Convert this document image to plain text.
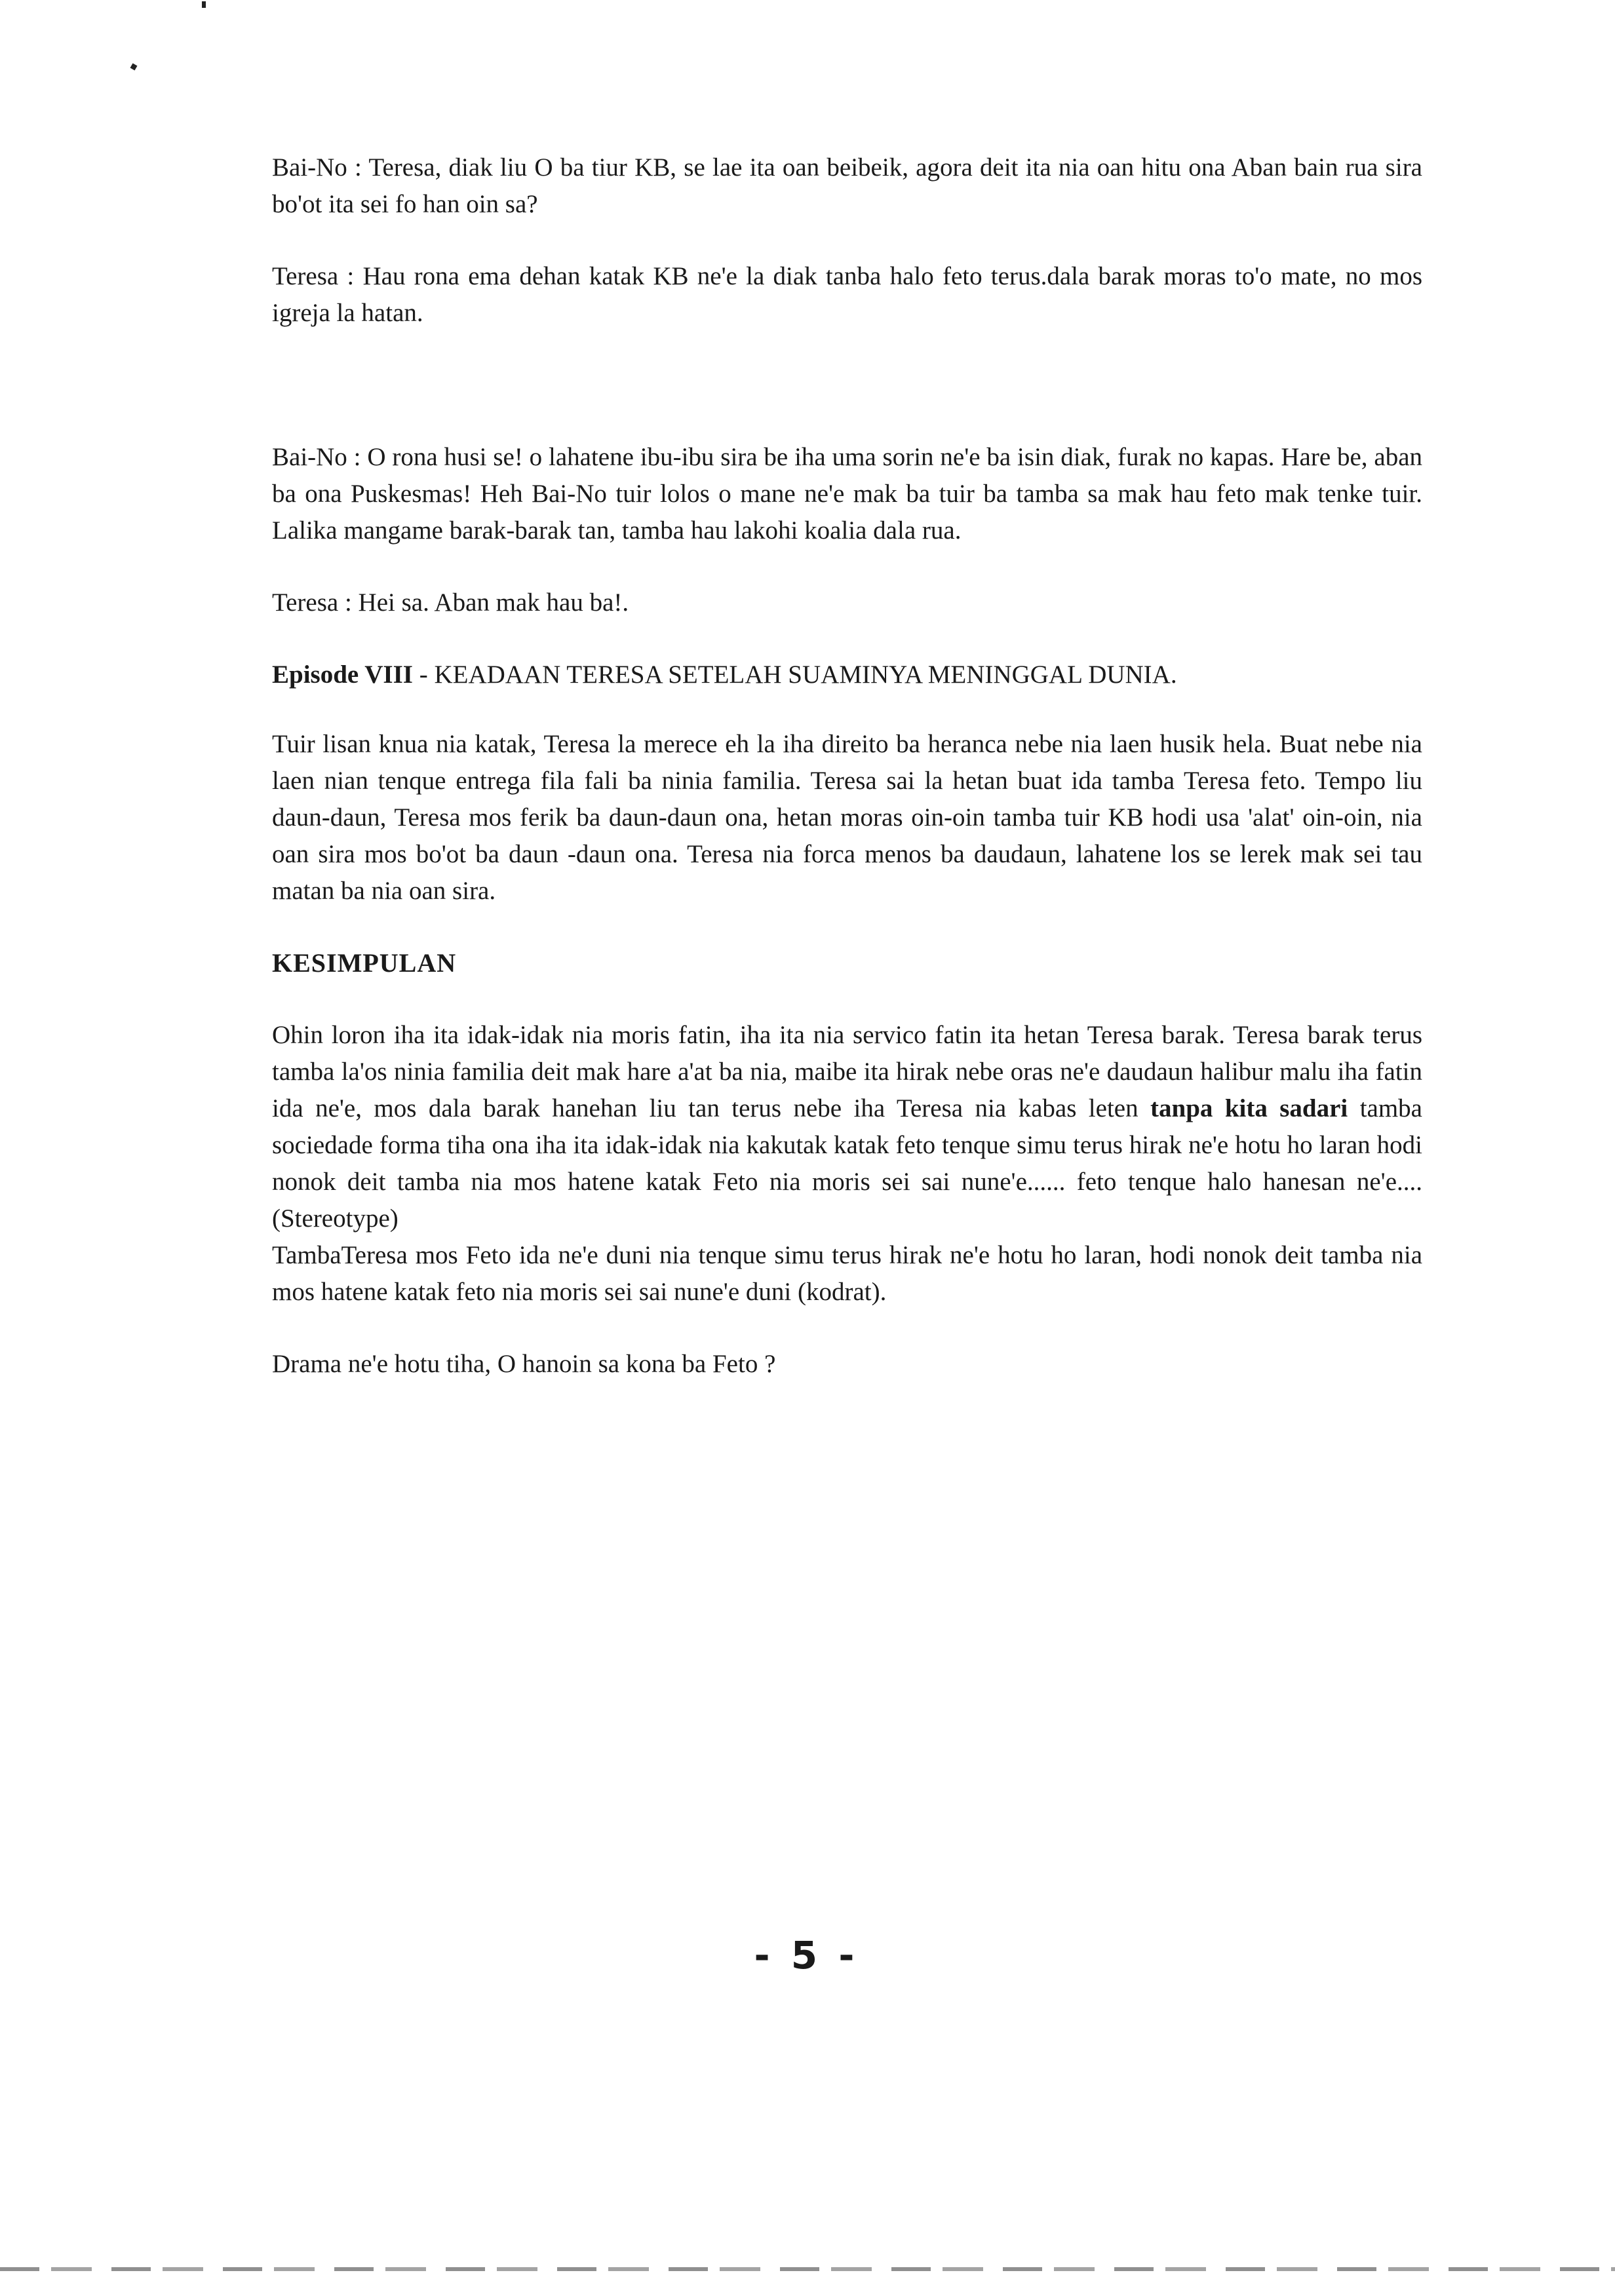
Bai-No : Teresa, diak liu O ba tiur KB, se lae ita oan beibeik, agora deit ita nia oan hitu ona Aban bain rua sira bo'ot ita sei fo han oin sa?

Teresa : Hau rona ema dehan katak KB ne'e la diak tanba halo feto terus.dala barak moras to'o mate, no mos igreja la hatan.

Bai-No : O rona husi se! o lahatene ibu-ibu sira be iha uma sorin ne'e ba isin diak, furak no kapas. Hare be, aban ba ona Puskesmas! Heh Bai-No tuir lolos o mane ne'e mak ba tuir ba tamba sa mak hau feto mak tenke tuir. Lalika mangame barak-barak tan, tamba hau lakohi koalia dala rua.

Teresa : Hei sa. Aban mak hau ba!.

Episode VIII - KEADAAN TERESA SETELAH SUAMINYA MENINGGAL DUNIA.

Tuir lisan knua nia katak, Teresa la merece eh la iha direito ba heranca nebe nia laen husik hela. Buat nebe nia laen nian tenque entrega fila fali ba ninia familia. Teresa sai la hetan buat ida tamba Teresa feto. Tempo liu daun-daun, Teresa mos ferik ba daun-daun ona, hetan moras oin-oin tamba tuir KB hodi usa 'alat' oin-oin, nia oan sira mos bo'ot ba daun -daun ona. Teresa nia forca menos ba daudaun, lahatene los se lerek mak sei tau matan ba nia oan sira.

KESIMPULAN

Ohin loron iha ita idak-idak nia moris fatin, iha ita nia servico fatin ita hetan Teresa barak. Teresa barak terus tamba la'os ninia familia deit mak hare a'at ba nia, maibe ita hirak nebe oras ne'e daudaun halibur malu iha fatin ida ne'e, mos dala barak hanehan liu tan terus nebe iha Teresa nia kabas leten tanpa kita sadari tamba sociedade forma tiha ona iha ita idak-idak nia kakutak katak feto tenque simu terus hirak ne'e hotu ho laran hodi nonok deit tamba nia mos hatene katak Feto nia moris sei sai nune'e...... feto tenque halo hanesan ne'e....(Stereotype)

TambaTeresa mos Feto ida ne'e duni nia tenque simu terus hirak ne'e hotu ho laran, hodi nonok deit tamba nia mos hatene katak feto nia moris sei sai nune'e duni (kodrat).

Drama ne'e hotu tiha, O hanoin sa kona ba Feto ?

- 5 -
